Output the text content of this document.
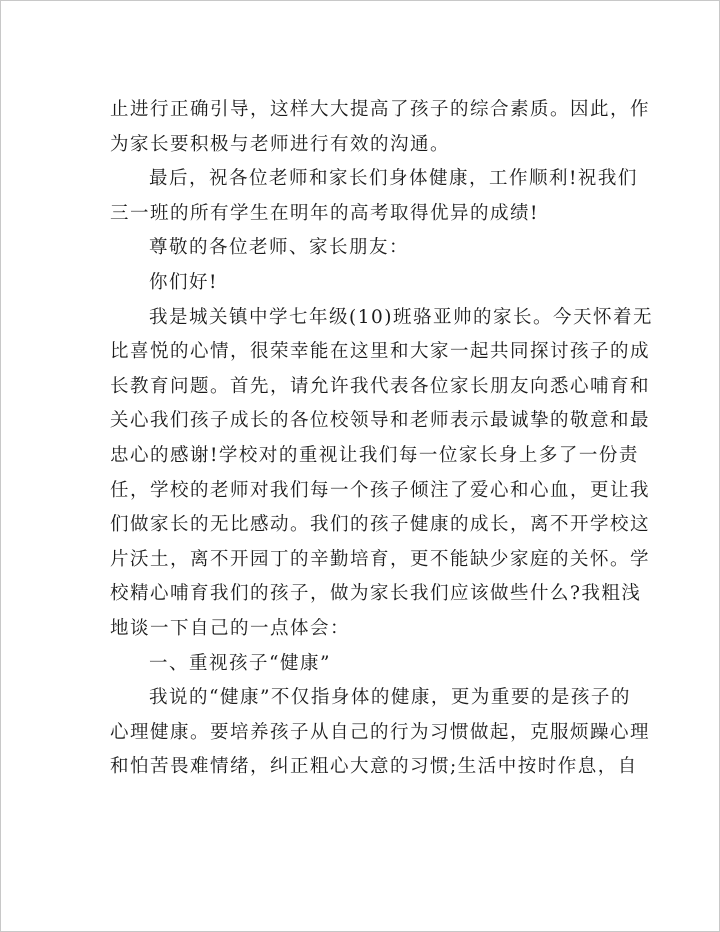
止进行正确引导，这样大大提高了孩子的综合素质。因此，作
为家长要积极与老师进行有效的沟通。
最后，祝各位老师和家长们身体健康，工作顺利!祝我们
三一班的所有学生在明年的高考取得优异的成绩!
尊敬的各位老师、家长朋友：
你们好!
我是城关镇中学七年级(10)班骆亚帅的家长。今天怀着无
比喜悦的心情，很荣幸能在这里和大家一起共同探讨孩子的成
长教育问题。首先，请允许我代表各位家长朋友向悉心哺育和
关心我们孩子成长的各位校领导和老师表示最诚挚的敬意和最
忠心的感谢!学校对的重视让我们每一位家长身上多了一份责
任，学校的老师对我们每一个孩子倾注了爱心和心血，更让我
们做家长的无比感动。我们的孩子健康的成长，离不开学校这
片沃土，离不开园丁的辛勤培育，更不能缺少家庭的关怀。学
校精心哺育我们的孩子，做为家长我们应该做些什么?我粗浅
地谈一下自己的一点体会：
一、重视孩子“健康”
我说的“健康”不仅指身体的健康，更为重要的是孩子的
心理健康。要培养孩子从自己的行为习惯做起，克服烦躁心理
和怕苦畏难情绪，纠正粗心大意的习惯;生活中按时作息，自
